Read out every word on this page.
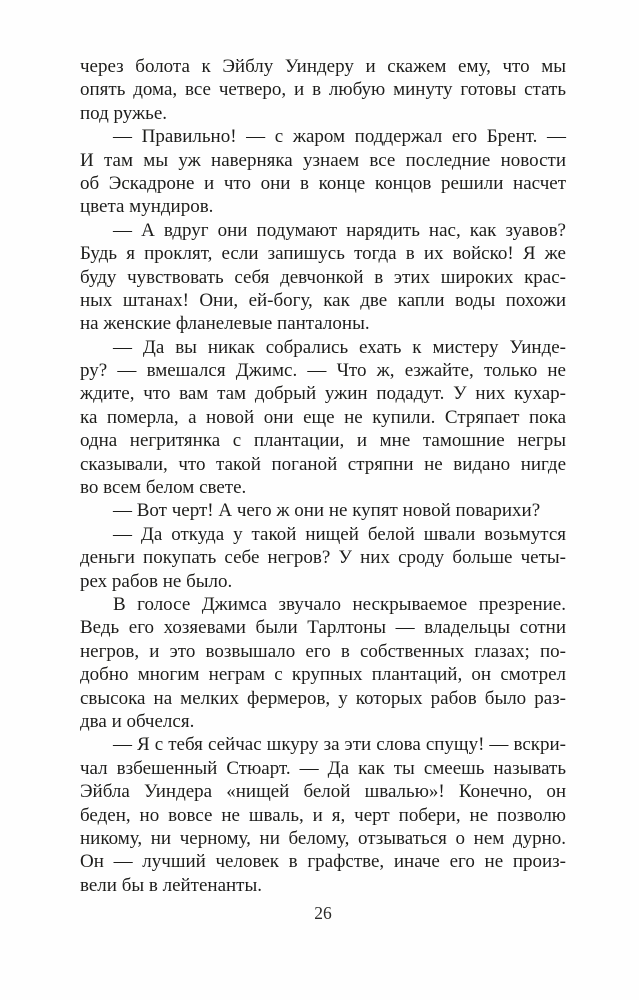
через болота к Эйблу Уиндеру и скажем ему, что мы
опять дома, все четверо, и в любую минуту готовы стать
под ружье.
— Правильно! — с жаром поддержал его Брент. —
И там мы уж наверняка узнаем все последние новости
об Эскадроне и что они в конце концов решили насчет
цвета мундиров.
— А вдруг они подумают нарядить нас, как зуавов?
Будь я проклят, если запишусь тогда в их войско! Я же
буду чувствовать себя девчонкой в этих широких крас-
ных штанах! Они, ей-богу, как две капли воды похожи
на женские фланелевые панталоны.
— Да вы никак собрались ехать к мистеру Уинде-
ру? — вмешался Джимс. — Что ж, езжайте, только не
ждите, что вам там добрый ужин подадут. У них кухар-
ка померла, а новой они еще не купили. Стряпает пока
одна негритянка с плантации, и мне тамошние негры
сказывали, что такой поганой стряпни не видано нигде
во всем белом свете.
— Вот черт! А чего ж они не купят новой поварихи?
— Да откуда у такой нищей белой швали возьмутся
деньги покупать себе негров? У них сроду больше четы-
рех рабов не было.
В голосе Джимса звучало нескрываемое презрение.
Ведь его хозяевами были Тарлтоны — владельцы сотни
негров, и это возвышало его в собственных глазах; по-
добно многим неграм с крупных плантаций, он смотрел
свысока на мелких фермеров, у которых рабов было раз-
два и обчелся.
— Я с тебя сейчас шкуру за эти слова спущу! — вскри-
чал взбешенный Стюарт. — Да как ты смеешь называть
Эйбла Уиндера «нищей белой швалью»! Конечно, он
беден, но вовсе не шваль, и я, черт побери, не позволю
никому, ни черному, ни белому, отзываться о нем дурно.
Он — лучший человек в графстве, иначе его не произ-
вели бы в лейтенанты.
26
